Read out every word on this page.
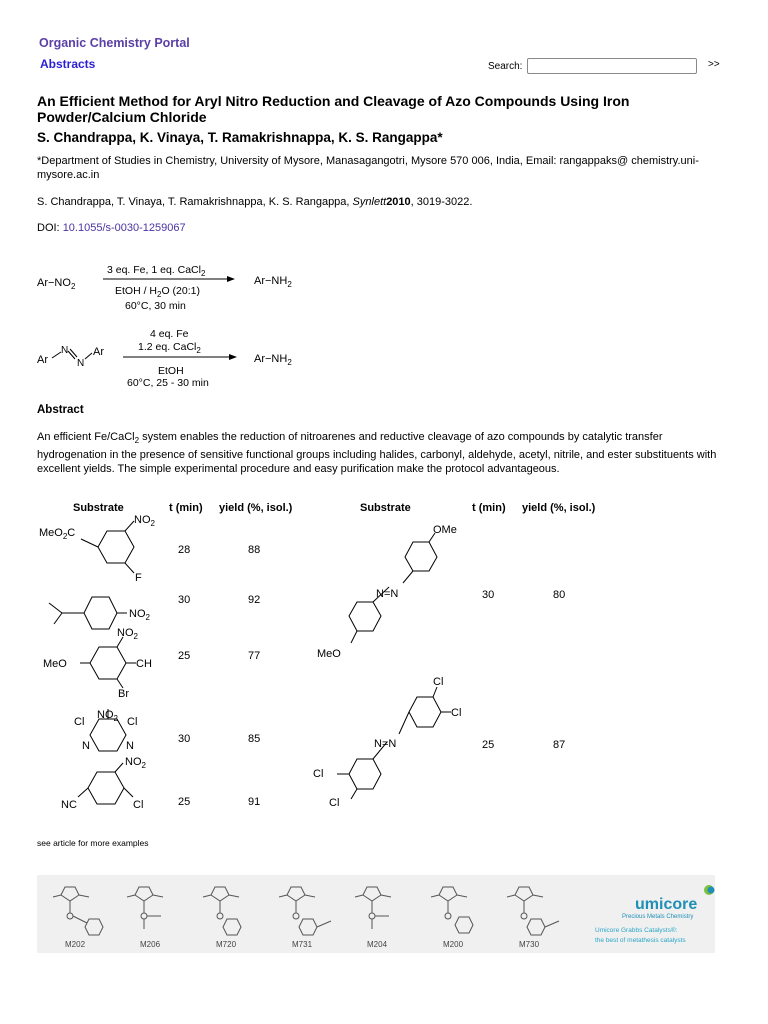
Organic Chemistry Portal
Abstracts	Search:	>>
An Efficient Method for Aryl Nitro Reduction and Cleavage of Azo Compounds Using Iron Powder/Calcium Chloride
S. Chandrappa, K. Vinaya, T. Ramakrishnappa, K. S. Rangappa*
*Department of Studies in Chemistry, University of Mysore, Manasagangotri, Mysore 570 006, India, Email: rangappaks@ chemistry.uni-mysore.ac.in
S. Chandrappa, T. Vinaya, T. Ramakrishnappa, K. S. Rangappa, Synlett2010, 3019-3022.
DOI: 10.1055/s-0030-1259067
$Ar-NO_2$
3 eq. Fe, 1 eq. CaCl$_2$
EtOH / $H_2O$ (20:1)
60°C, 30 min
$Ar-NH_2$
Ar
N
N
Ar
4 eq. Fe
1.2 eq. CaCl$_2$
EtOH
60°C, 25 - 30 min
$Ar-NH_2$
Abstract
An efficient Fe/CaCl$_2$ system enables the reduction of nitroarenes and reductive cleavage of azo compounds by catalytic transfer hydrogenation in the presence of sensitive functional groups including halides, carbonyl, aldehyde, acetyl, nitrile, and ester substituents with excellent yields. The simple experimental procedure and easy purification make the protocol advantageous.
Substrate	t (min) yield (%, isol.)	Substrate	t (min) yield (%, isol.)
MeO$_2$C
$NO_2$
F
28	88
$NO_2$
30	92
$NO_2$
MeO	CH
Br
25	77
$NO_2$
Cl	Cl
N	N
30	85
$NO_2$
NC	Cl	25	91
OMe
N=N
MeO
30	80
Cl
Cl
N=N
Cl
Cl
25	87
see article for more examples
M202	M206	M720	M731	M204	M200	M730
umicore
Precious Metals Chemistry
Umicore Grabbs Catalysts®:
the best of metathesis catalysts
